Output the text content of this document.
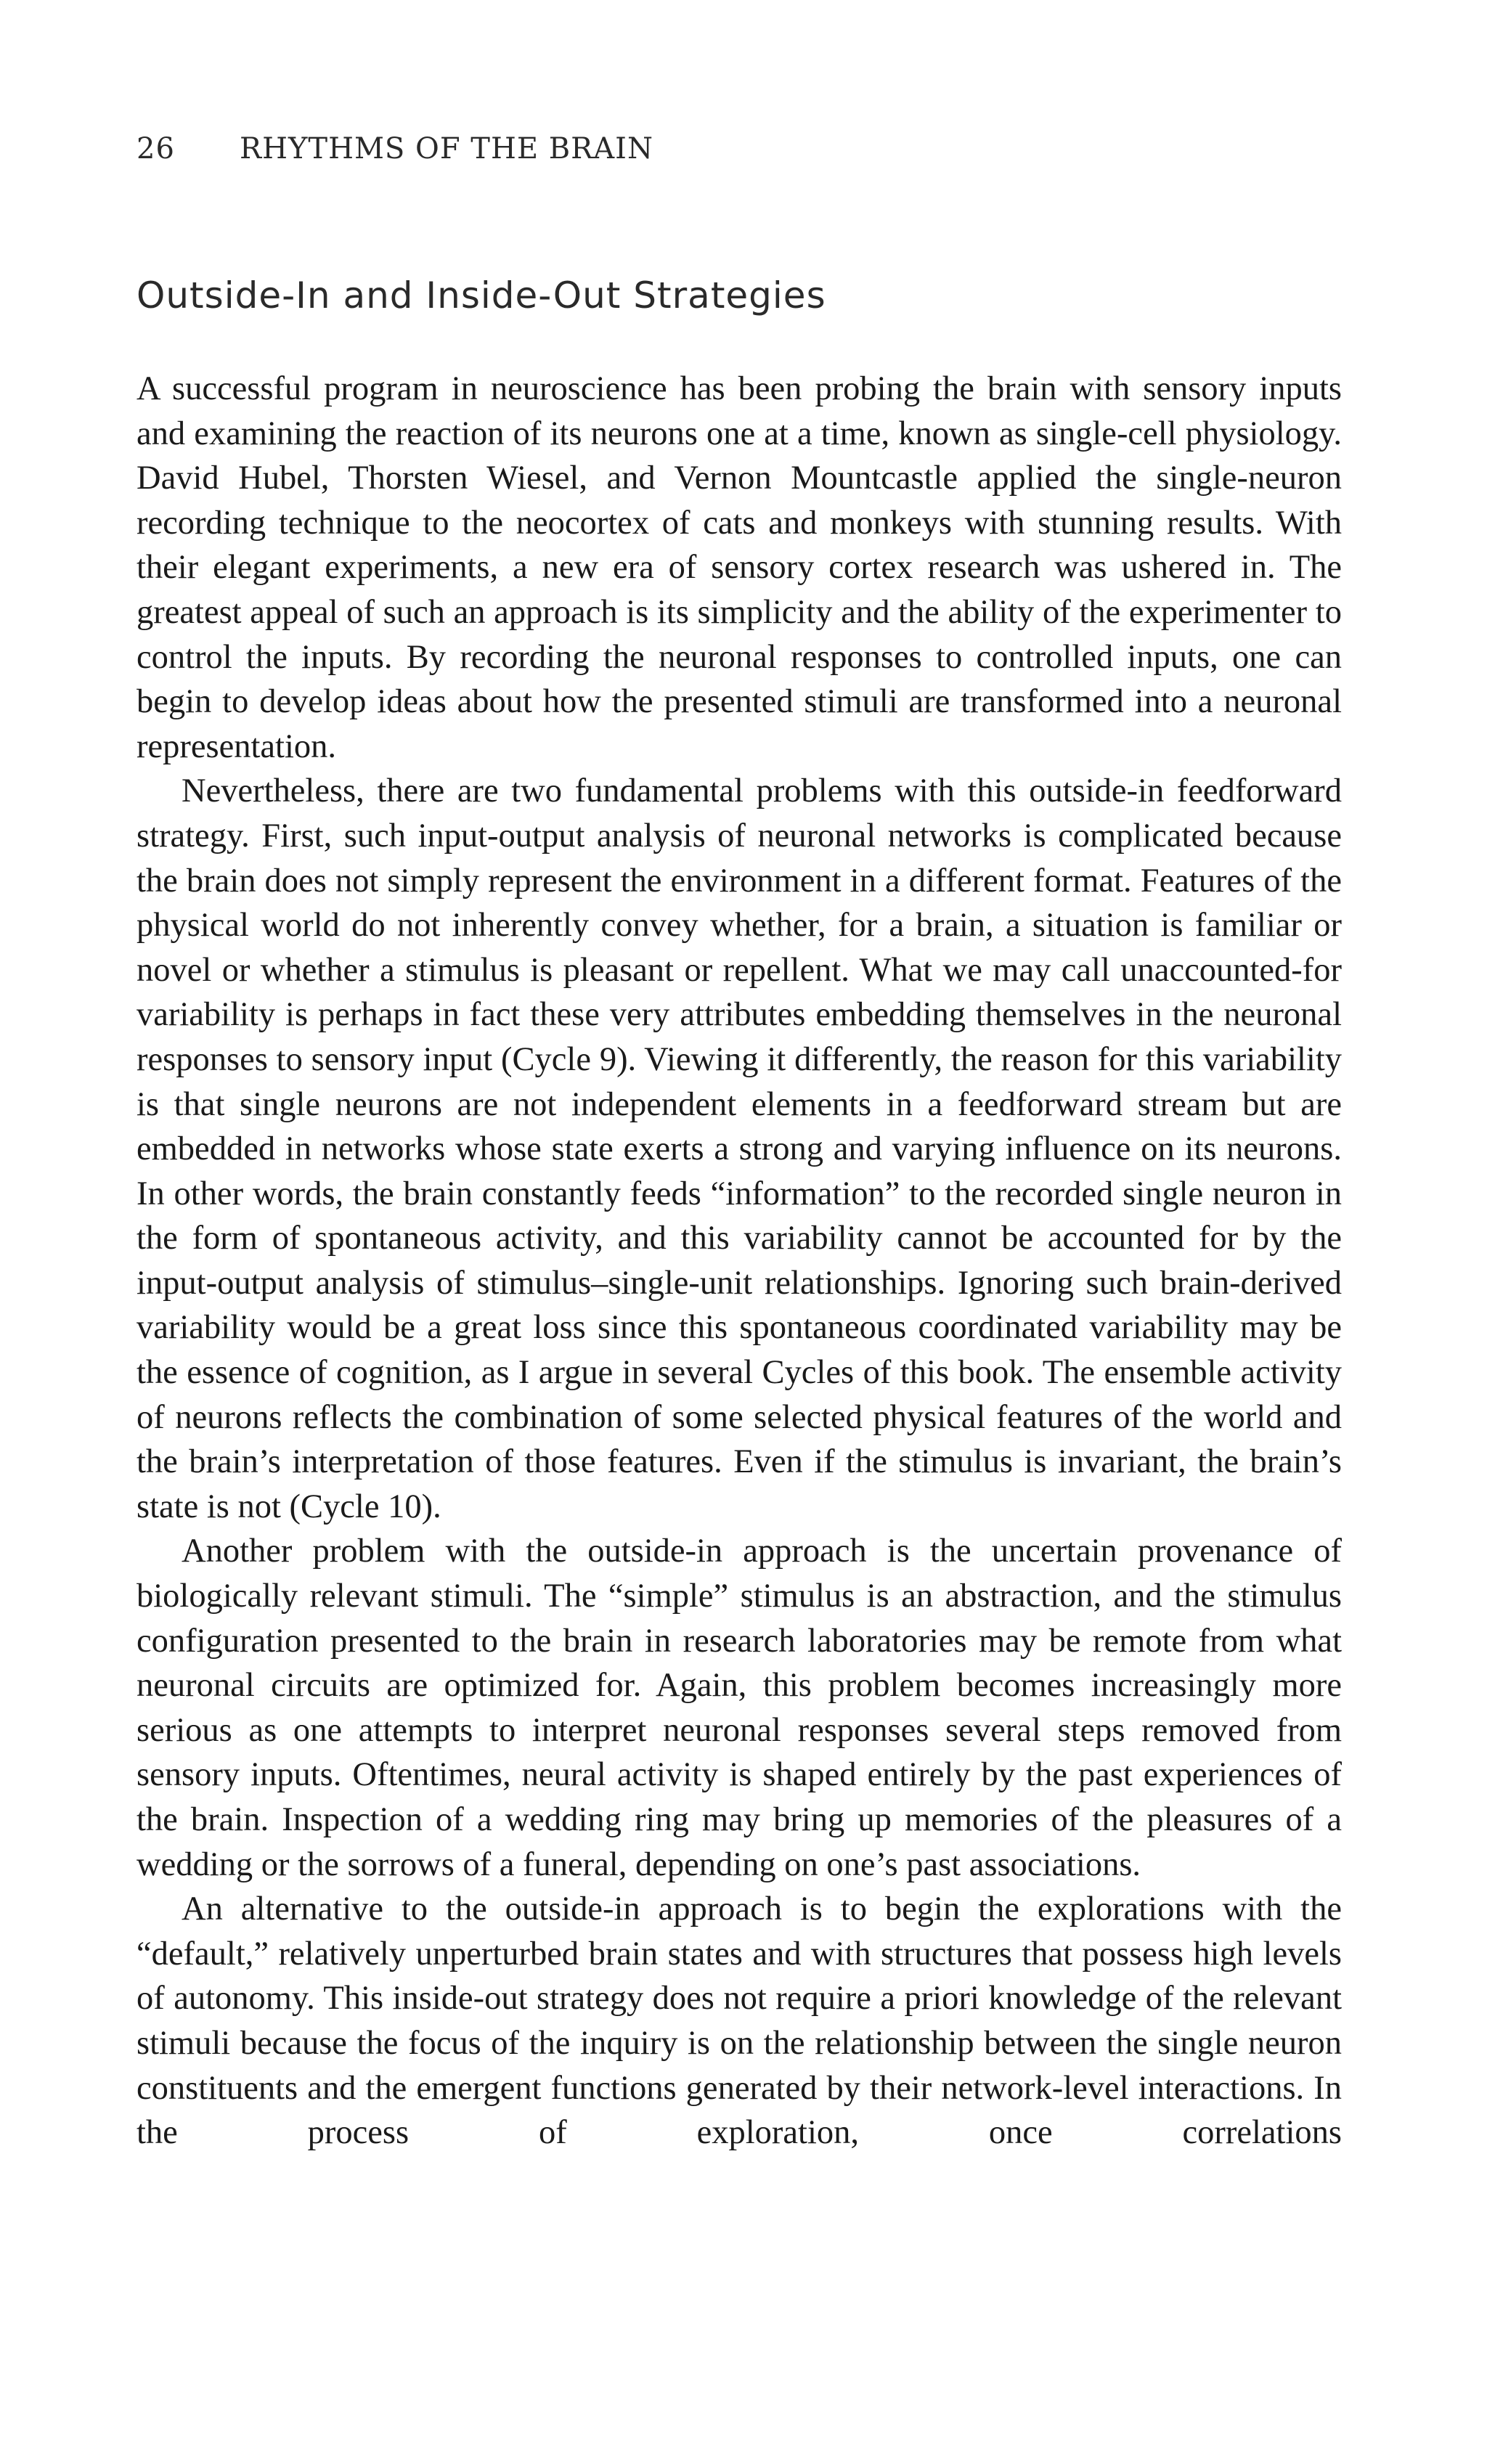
26 RHYTHMS OF THE BRAIN
Outside-In and Inside-Out Strategies

A successful program in neuroscience has been probing the brain with sensory inputs and examining the reaction of its neurons one at a time, known as single-cell physiology. David Hubel, Thorsten Wiesel, and Vernon Mountcastle applied the single-neuron recording technique to the neocortex of cats and monkeys with stunning results. With their elegant experiments, a new era of sensory cortex research was ushered in. The greatest appeal of such an approach is its simplicity and the ability of the experimenter to control the inputs. By recording the neuronal responses to controlled inputs, one can begin to develop ideas about how the presented stimuli are transformed into a neuronal representation.

Nevertheless, there are two fundamental problems with this outside-in feedforward strategy. First, such input-output analysis of neuronal networks is complicated because the brain does not simply represent the environment in a different format. Features of the physical world do not inherently convey whether, for a brain, a situation is familiar or novel or whether a stimulus is pleasant or repellent. What we may call unaccounted-for variability is perhaps in fact these very attributes embedding themselves in the neuronal responses to sensory input (Cycle 9). Viewing it differently, the reason for this variability is that single neurons are not independent elements in a feedforward stream but are embedded in networks whose state exerts a strong and varying influence on its neurons. In other words, the brain constantly feeds “information” to the recorded single neuron in the form of spontaneous activity, and this variability cannot be accounted for by the input-output analysis of stimulus–single-unit relationships. Ignoring such brain-derived variability would be a great loss since this spontaneous coordinated variability may be the essence of cognition, as I argue in several Cycles of this book. The ensemble activity of neurons reflects the combination of some selected physical features of the world and the brain’s interpretation of those features. Even if the stimulus is invariant, the brain’s state is not (Cycle 10).

Another problem with the outside-in approach is the uncertain provenance of biologically relevant stimuli. The “simple” stimulus is an abstraction, and the stimulus configuration presented to the brain in research laboratories may be remote from what neuronal circuits are optimized for. Again, this problem becomes increasingly more serious as one attempts to interpret neuronal responses several steps removed from sensory inputs. Oftentimes, neural activity is shaped entirely by the past experiences of the brain. Inspection of a wedding ring may bring up memories of the pleasures of a wedding or the sorrows of a funeral, depending on one’s past associations.

An alternative to the outside-in approach is to begin the explorations with the “default,” relatively unperturbed brain states and with structures that possess high levels of autonomy. This inside-out strategy does not require a priori knowledge of the relevant stimuli because the focus of the inquiry is on the relationship between the single neuron constituents and the emergent functions generated by their network-level interactions. In the process of exploration, once correlations
